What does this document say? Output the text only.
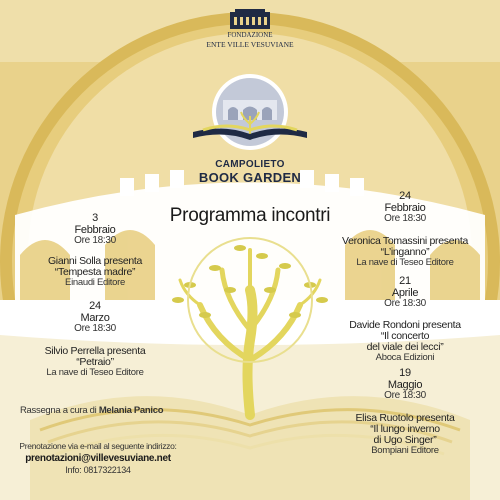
FONDAZIONE
ENTE VILLE VESUVIANE
CAMPOLIETO
BOOK GARDEN
Programma incontri
3
Febbraio
Ore 18:30
Gianni Solla presenta
“Tempesta madre”
Einaudi Editore
24
Marzo
Ore 18:30
Silvio Perrella presenta
“Petraio”
La nave di Teseo Editore
24
Febbraio
Ore 18:30
Veronica Tomassini presenta
“L’inganno”
La nave di Teseo Editore
21
Aprile
Ore 18:30
Davide Rondoni presenta
“Il concerto
del viale dei lecci”
Aboca Edizioni
19
Maggio
Ore 18:30
Elisa Ruotolo presenta
“Il lungo inverno
di Ugo Singer”
Bompiani Editore
Rassegna a cura di Melania Panico
Prenotazione via e-mail al seguente indirizzo:
prenotazioni@villevesuviane.net
Info: 0817322134
